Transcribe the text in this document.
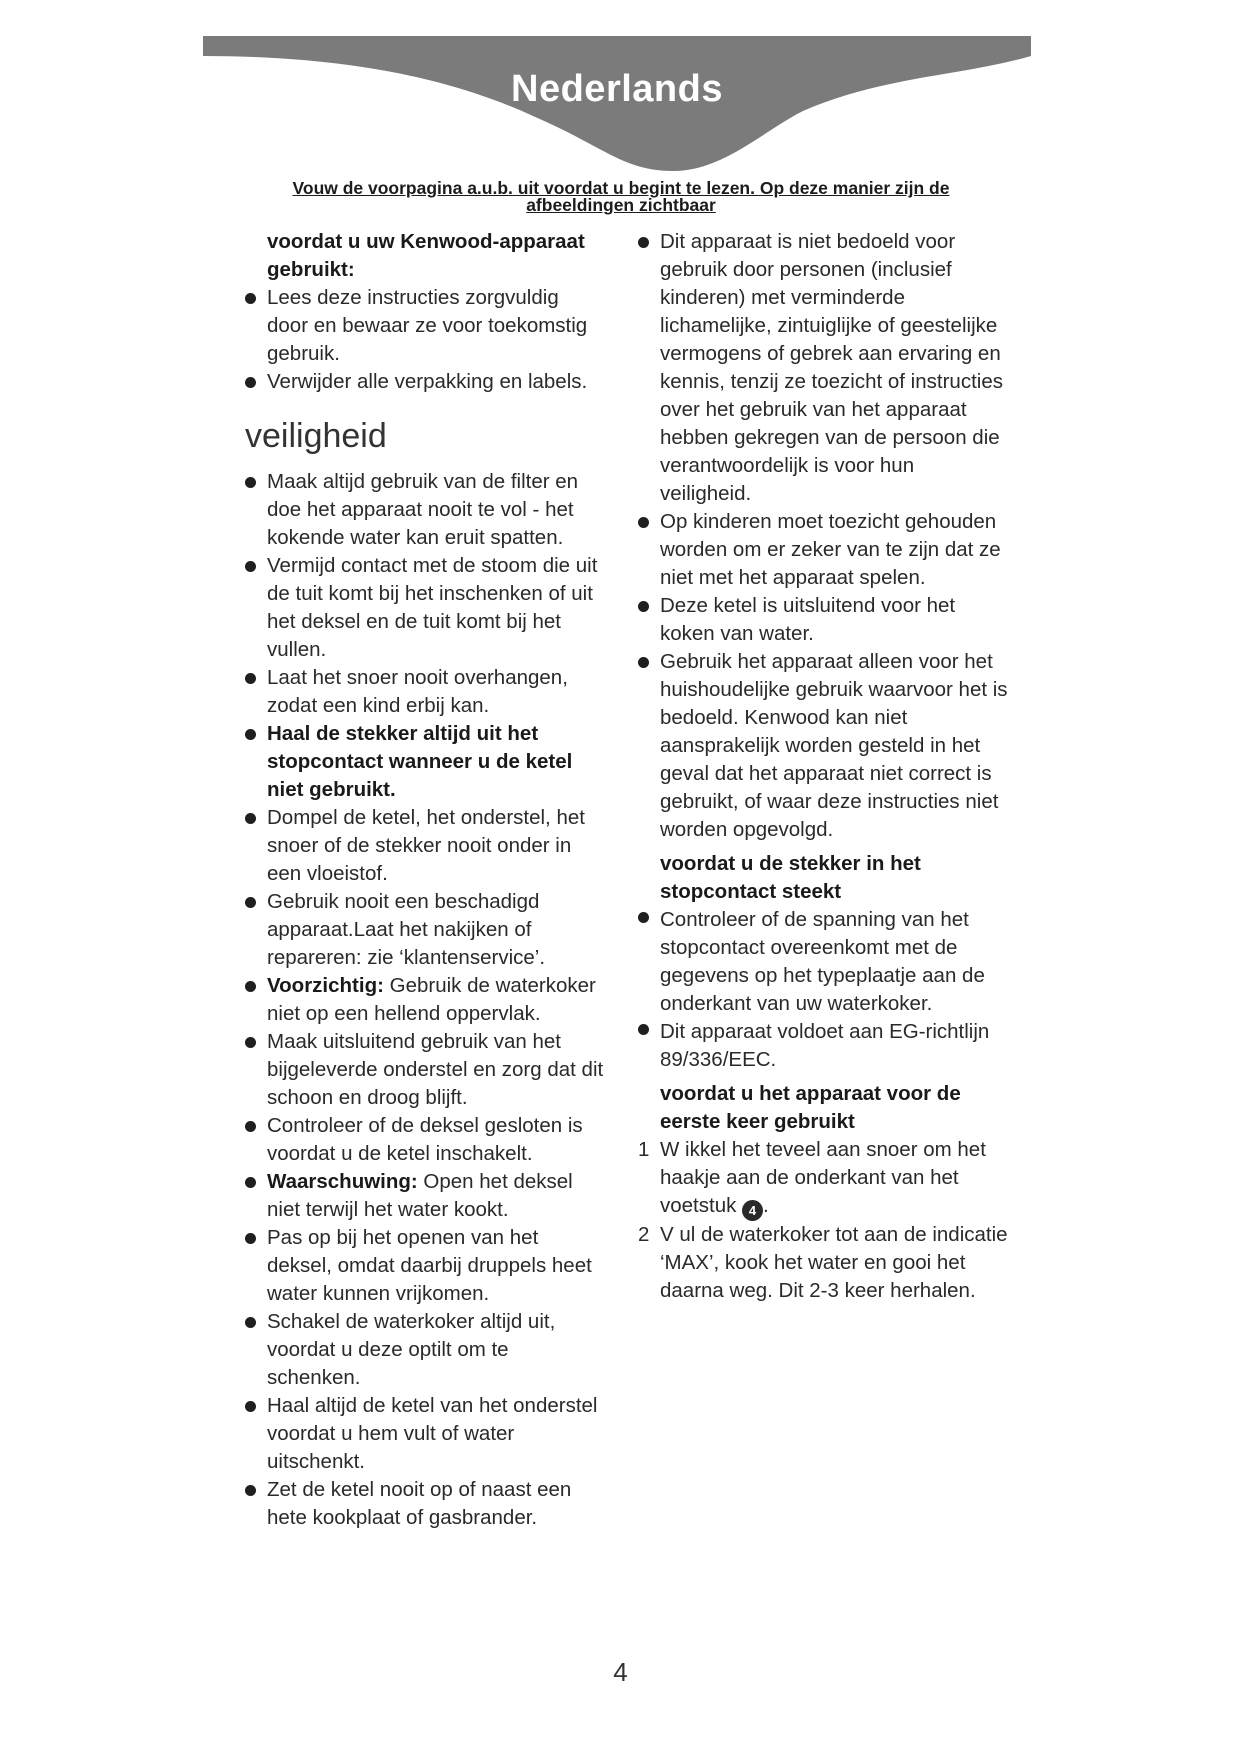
Nederlands
Vouw de voorpagina a.u.b. uit voordat u begint te lezen. Op deze manier zijn de afbeeldingen zichtbaar
voordat u uw Kenwood-apparaat gebruikt:
Lees deze instructies zorgvuldig door en bewaar ze voor toekomstig gebruik.
Verwijder alle verpakking en labels.
veiligheid
Maak altijd gebruik van de filter en doe het apparaat nooit te vol - het kokende water kan eruit spatten.
Vermijd contact met de stoom die uit de tuit komt bij het inschenken of uit het deksel en de tuit komt bij het vullen.
Laat het snoer nooit overhangen, zodat een kind erbij kan.
Haal de stekker altijd uit het stopcontact wanneer u de ketel niet gebruikt.
Dompel de ketel, het onderstel, het snoer of de stekker nooit onder in een vloeistof.
Gebruik nooit een beschadigd apparaat.Laat het nakijken of repareren: zie ‘klantenservice’.
Voorzichtig: Gebruik de waterkoker niet op een hellend oppervlak.
Maak uitsluitend gebruik van het bijgeleverde onderstel en zorg dat dit schoon en droog blijft.
Controleer of de deksel gesloten is voordat u de ketel inschakelt.
Waarschuwing: Open het deksel niet terwijl het water kookt.
Pas op bij het openen van het deksel, omdat daarbij druppels heet water kunnen vrijkomen.
Schakel de waterkoker altijd uit, voordat u deze optilt om te schenken.
Haal altijd de ketel van het onderstel voordat u hem vult of water uitschenkt.
Zet de ketel nooit op of naast een hete kookplaat of gasbrander.
Dit apparaat is niet bedoeld voor gebruik door personen (inclusief kinderen) met verminderde lichamelijke, zintuiglijke of geestelijke vermogens of gebrek aan ervaring en kennis, tenzij ze toezicht of instructies over het gebruik van het apparaat hebben gekregen van de persoon die verantwoordelijk is voor hun veiligheid.
Op kinderen moet toezicht gehouden worden om er zeker van te zijn dat ze niet met het apparaat spelen.
Deze ketel is uitsluitend voor het koken van water.
Gebruik het apparaat alleen voor het huishoudelijke gebruik waarvoor het is bedoeld. Kenwood kan niet aansprakelijk worden gesteld in het geval dat het apparaat niet correct is gebruikt, of waar deze instructies niet worden opgevolgd.
voordat u de stekker in het stopcontact steekt
Controleer of de spanning van het stopcontact overeenkomt met de gegevens op het typeplaatje aan de onderkant van uw waterkoker.
Dit apparaat voldoet aan EG-richtlijn 89/336/EEC.
voordat u het apparaat voor de eerste keer gebruikt
1 W ikkel het teveel aan snoer om het haakje aan de onderkant van het voetstuk 4 .
2 V ul de waterkoker tot aan de indicatie ‘MAX’, kook het water en gooi het daarna weg. Dit 2-3 keer herhalen.
4
